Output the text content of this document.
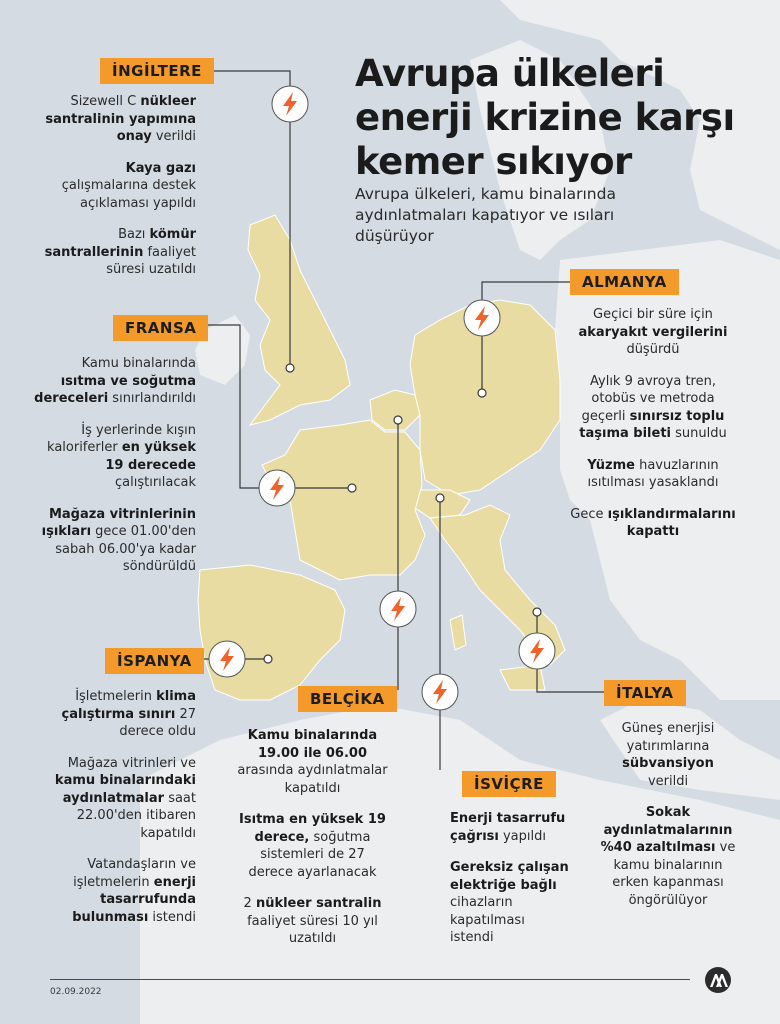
Avrupa ülkeleri
enerji krizine karşı
kemer sıkıyor

Avrupa ülkeleri, kamu binalarında
aydınlatmaları kapatıyor ve ısıları
düşürüyor

İNGİLTERE
FRANSA
İSPANYA
ALMANYA
BELÇİKA
İSVİÇRE
İTALYA
Sizewell C nükleer
santralinin yapımına
onay verildi
Kaya gazı
çalışmalarına destek
açıklaması yapıldı
Bazı kömür
santrallerinin faaliyet
süresi uzatıldı
Kamu binalarında
ısıtma ve soğutma
dereceleri sınırlandırıldı
İş yerlerinde kışın
kaloriferler en yüksek
19 derecede
çalıştırılacak
Mağaza vitrinlerinin
ışıkları gece 01.00'den
sabah 06.00'ya kadar
söndürüldü
İşletmelerin klima
çalıştırma sınırı 27
derece oldu
Mağaza vitrinleri ve
kamu binalarındaki
aydınlatmalar saat
22.00'den itibaren
kapatıldı
Vatandaşların ve
işletmelerin enerji
tasarrufunda
bulunması istendi
Geçici bir süre için
akaryakıt vergilerini
düşürdü
Aylık 9 avroya tren,
otobüs ve metroda
geçerli sınırsız toplu
taşıma bileti sunuldu
Yüzme havuzlarının
ısıtılması yasaklandı
Gece ışıklandırmalarını
kapattı
Kamu binalarında
19.00 ile 06.00
arasında aydınlatmalar
kapatıldı
Isıtma en yüksek 19
derece, soğutma
sistemleri de 27
derece ayarlanacak
2 nükleer santralin
faaliyet süresi 10 yıl
uzatıldı
Enerji tasarrufu
çağrısı yapıldı
Gereksiz çalışan
elektriğe bağlı
cihazların
kapatılması
istendi
Güneş enerjisi
yatırımlarına
sübvansiyon
verildi
Sokak
aydınlatmalarının
%40 azaltılması ve
kamu binalarının
erken kapanması
öngörülüyor
02.09.2022
